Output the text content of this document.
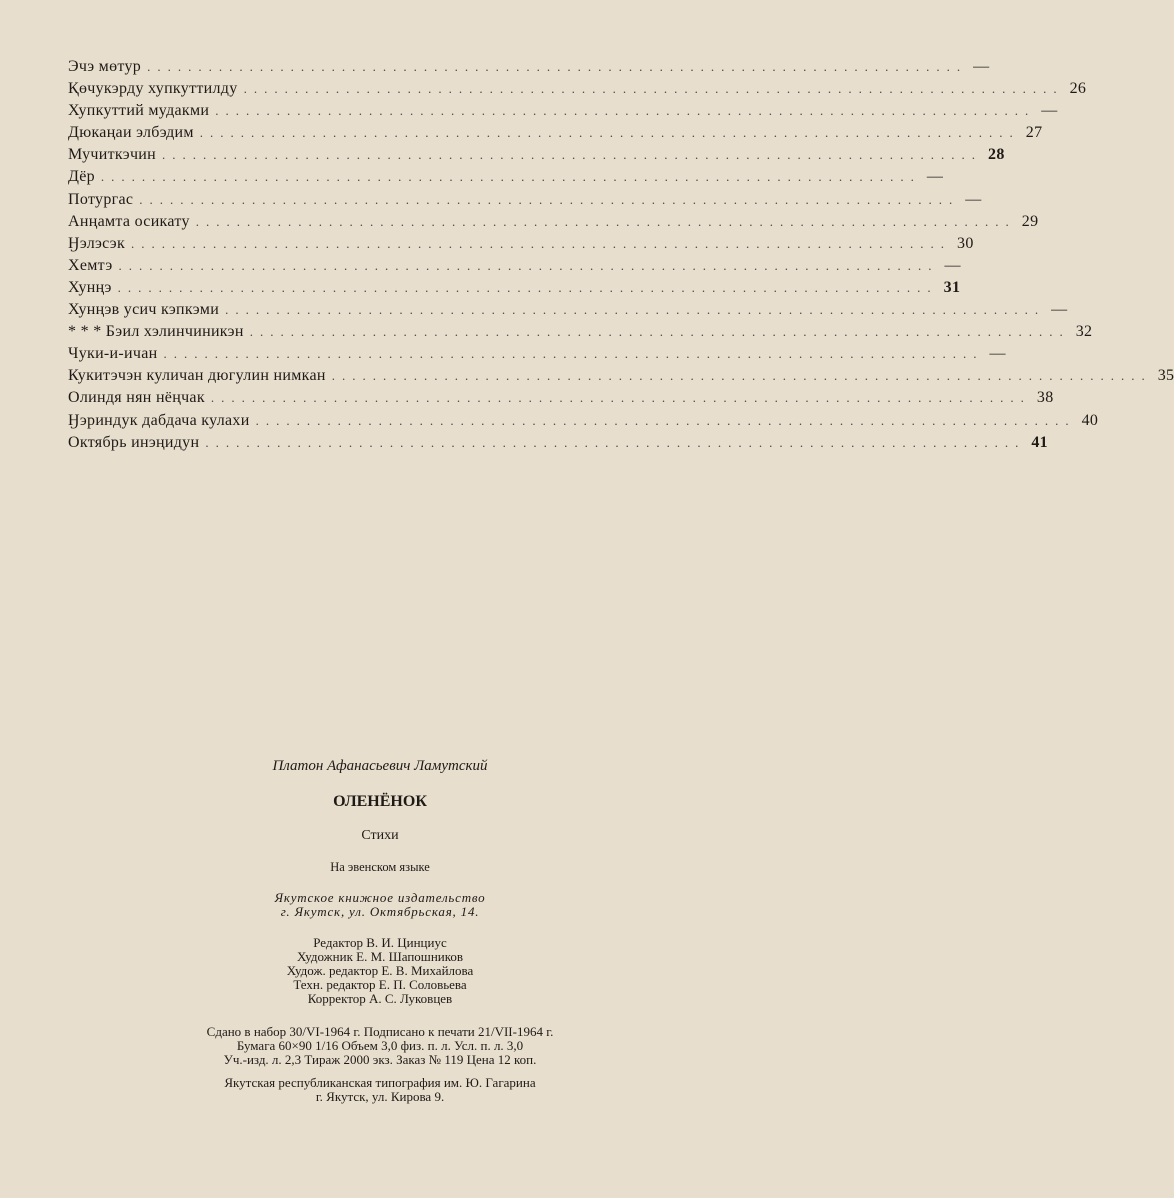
Эчэ мөтур ................................................................................ —
Қөчукэрду хупкуттилду ................................................................................ 26
Хупкуттий мудакми ................................................................................ —
Дюкаңаи элбэдим ................................................................................ 27
Мучиткэчин ................................................................................ 28
Дёр ................................................................................ —
Потургас ................................................................................ —
Анңамта осикату ................................................................................ 29
Ӈэлэсэк ................................................................................ 30
Хемтэ ................................................................................ —
Хунңэ ................................................................................ 31
Хунңэв усич кэпкэми ................................................................................ —
* * * Бэил хэлинчиникэн ................................................................................ 32
Чуки-и-ичан ................................................................................ —
Кукитэчэн куличан дюгулин нимкан ................................................................................ 35
Олиндя нян нёңчак ................................................................................ 38
Ӈэриндук дабдача кулахи ................................................................................ 40
Октябрь инэңидун ................................................................................ 41
Платон Афанасьевич Ламутский
ОЛЕНЁНОК
Стихи
На эвенском языке
Якутское книжное издательство
г. Якутск, ул. Октябрьская, 14.
Редактор В. И. Цинциус
Художник Е. М. Шапошников
Худож. редактор Е. В. Михайлова
Техн. редактор Е. П. Соловьева
Корректор А. С. Луковцев
Сдано в набор 30/VI-1964 г. Подписано к печати 21/VII-1964 г.
Бумага 60×90 1/16 Объем 3,0 физ. п. л. Усл. п. л. 3,0
Уч.-изд. л. 2,3 Тираж 2000 экз. Заказ № 119 Цена 12 коп.
Якутская республиканская типография им. Ю. Гагарина
г. Якутск, ул. Кирова 9.
